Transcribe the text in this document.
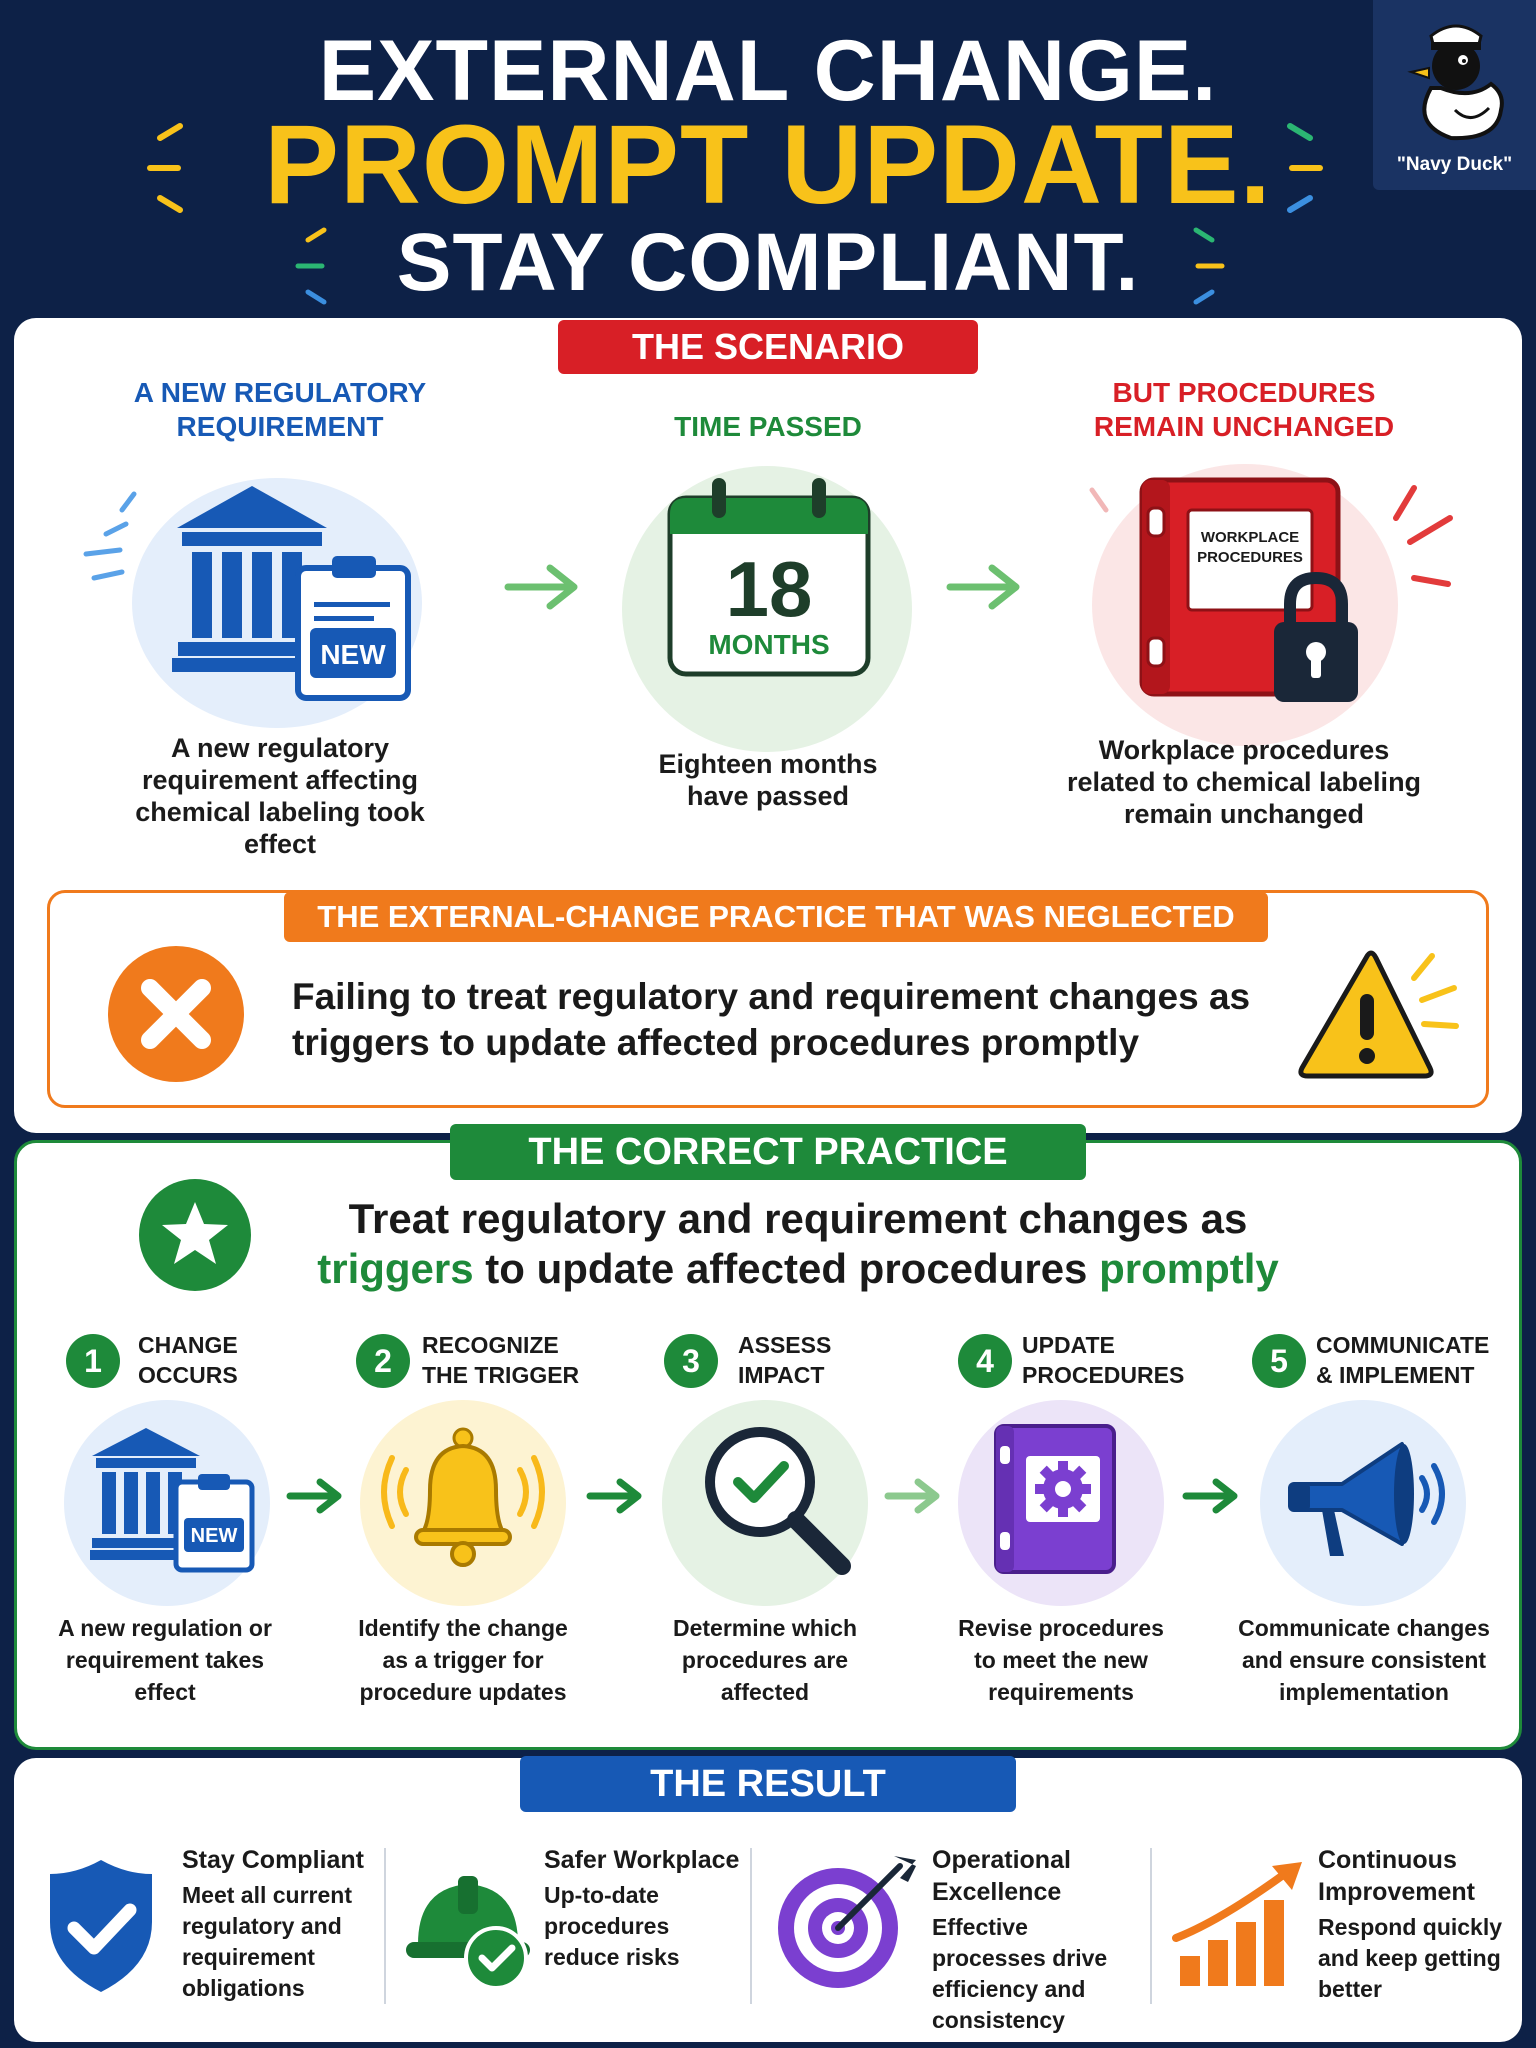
EXTERNAL CHANGE.
PROMPT UPDATE.
STAY COMPLIANT.
"Navy Duck"
THE SCENARIO
A NEW REGULATORY REQUIREMENT
NEW
A new regulatory requirement affecting chemical labeling took effect
TIME PASSED
18
MONTHS
Eighteen months have passed
BUT PROCEDURES REMAIN UNCHANGED
WORKPLACE
PROCEDURES
Workplace procedures related to chemical labeling remain unchanged
THE EXTERNAL-CHANGE PRACTICE THAT WAS NEGLECTED
Failing to treat regulatory and requirement changes as triggers to update affected procedures promptly
THE CORRECT PRACTICE
Treat regulatory and requirement changes as
triggers to update affected procedures promptly
1	CHANGE OCCURS
NEW
A new regulation or requirement takes effect
2	RECOGNIZE THE TRIGGER
Identify the change as a trigger for procedure updates
3	ASSESS IMPACT
Determine which procedures are affected
4	UPDATE PROCEDURES
Revise procedures to meet the new requirements
5	COMMUNICATE & IMPLEMENT
Communicate changes and ensure consistent implementation
THE RESULT
Stay Compliant
Meet all current regulatory and requirement obligations
Safer Workplace
Up-to-date procedures reduce risks
Operational Excellence
Effective processes drive efficiency and consistency
Continuous Improvement
Respond quickly and keep getting better
